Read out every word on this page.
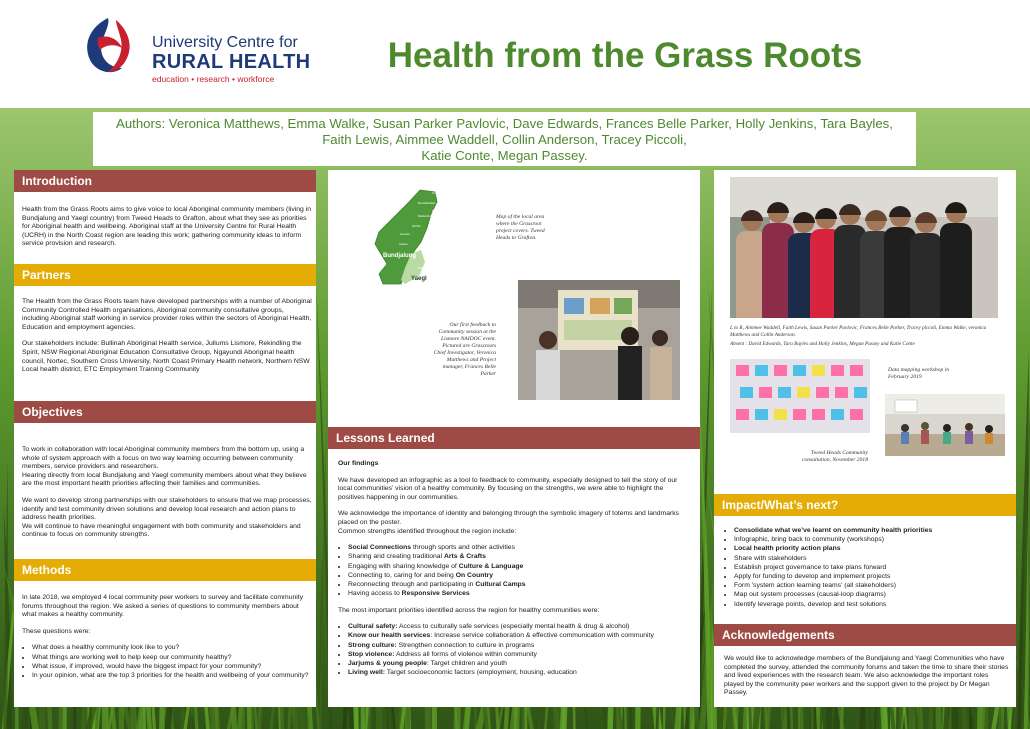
University Centre for
RURAL HEALTH
education • research • workforce
Health from the Grass Roots
Authors: Veronica Matthews, Emma Walke, Susan Parker Pavlovic, Dave Edwards, Frances Belle Parker, Holly Jenkins, Tara Bayles,
Faith Lewis, Aimmee Waddell, Collin Anderson, Tracey Piccoli,
Katie Conte, Megan Passey.
Introduction
Health from the Grass Roots aims to give voice to local Aboriginal community members (living in Bundjalung and Yaegl country) from Tweed Heads to Grafton, about what they see as priorities for Aboriginal health and wellbeing. Aboriginal staff at the University Centre for Rural Health (UCRH) in the North Coast region are leading this work; gathering community ideas to inform service provision and research.
Partners

The Health from the Grass Roots team have developed partnerships with a number of Aboriginal Community Controlled Health organisations, Aboriginal community consultative groups, including Aboriginal staff working in service provider roles within the sectors of Aboriginal Health, Education and employment agencies.

Our stakeholders include: Bullinah Aboriginal Health service, Jullums Lismore, Rekindling the Spirit, NSW Regional Aboriginal Education Consultative Group, Ngayundi Aboriginal health council, Nortec, Southern Cross University, North Coast Primary Health network, Northern NSW Local health district, ETC Employment Training Community

Objectives
To work in collaboration with local Aboriginal community members from the bottom up, using a whole of system approach with a focus on two way learning occurring between community members, service providers and researchers.
Hearing directly from local Bundjalung and Yaegl community members about what they believe are the most important health priorities affecting their families and communities.
We want to develop strong partnerships with our stakeholders to ensure that we map processes, identify and test community driven solutions and develop local research and action plans to address health priorities.
We will continue to have meaningful engagement with both community and stakeholders and continue to focus on community strengths.
Methods

In late 2018, we employed 4 local community peer workers to survey and facilitate community forums throughout the region. We asked a series of questions to community members about what makes a healthy community.

These questions were:

• What does a healthy community look like to you?
• What things are working well to help keep our community healthy?
• What issue, if improved, would have the biggest impact for your community?
• In your opinion, what are the top 3 priorities for the health and wellbeing of your community?
Bundjalung
Yaegl
Tweed
Murwillumbah
Byron Bay
Mullumbimby
Nimbin
Lismore	Ballina
Casino
Evans Head
Maclean
Grafton
Map of the local area where the Grassroot project covers. Tweed Heads to Grafton.
Our first feedback to Community session at the Lismore NAIDOC event. Pictured are Grassroots Chief Investigator, Veronica Matthews and Project manager, Frances Belle Parker
Lessons Learned

Our findings

We have developed an infographic as a tool to feedback to community, especially designed to tell the story of our local communities’ vision of a healthy community. By focusing on the strengths, we were able to highlight the positives happening in our communities.

We acknowledge the importance of identity and belonging through the symbolic imagery of totems and landmarks placed on the poster.

Common strengths identified throughout the region include:

• Social Connections through sports and other activities
• Sharing and creating traditional Arts & Crafts
• Engaging with sharing knowledge of Culture & Language
• Connecting to, caring for and being On Country
• Reconnecting through and participating in Cultural Camps
• Having access to Responsive Services

The most important priorities identified across the region for healthy communities were:

• Cultural safety: Access to culturally safe services (especially mental health & drug & alcohol)
• Know our health services: Increase service collaboration & effective communication with community
• Strong culture: Strengthen connection to culture in programs
• Stop violence: Address all forms of violence within community
• Jarjums & young people: Target children and youth
• Living well: Target socioeconomic factors (employment, housing, education
L to R, Aimmee Waddell, Faith Lewis, Susan Parker Pavlovic, Frances Belle Parker, Tracey piccoli, Emma Walke, veronica Matthews and Collin Anderson.
Absent : David Edwards, Tara Bayles and Holly Jenkins, Megan Passey and Katie Conte
Data mapping workshop in February 2019
Tweed Heads Community consultation, November 2018
Impact/What’s next?
• Consolidate what we’ve learnt on community health priorities
• Infographic, bring back to community (workshops)
• Local health priority action plans
• Share with stakeholders
• Establish project governance to take plans forward
• Apply for funding to develop and implement projects
• Form 'system action learning teams' (all stakeholders)
• Map out system processes (causal-loop diagrams)
• Identify leverage points, develop and test solutions
Acknowledgements
We would like to acknowledge members of the Bundjalung and Yaegl Communities who have completed the survey, attended the community forums and taken the time to share their stories and lived experiences with the research team. We also acknowledge the important roles played by the community peer workers and the support given to the project by Dr Megan Passey.
